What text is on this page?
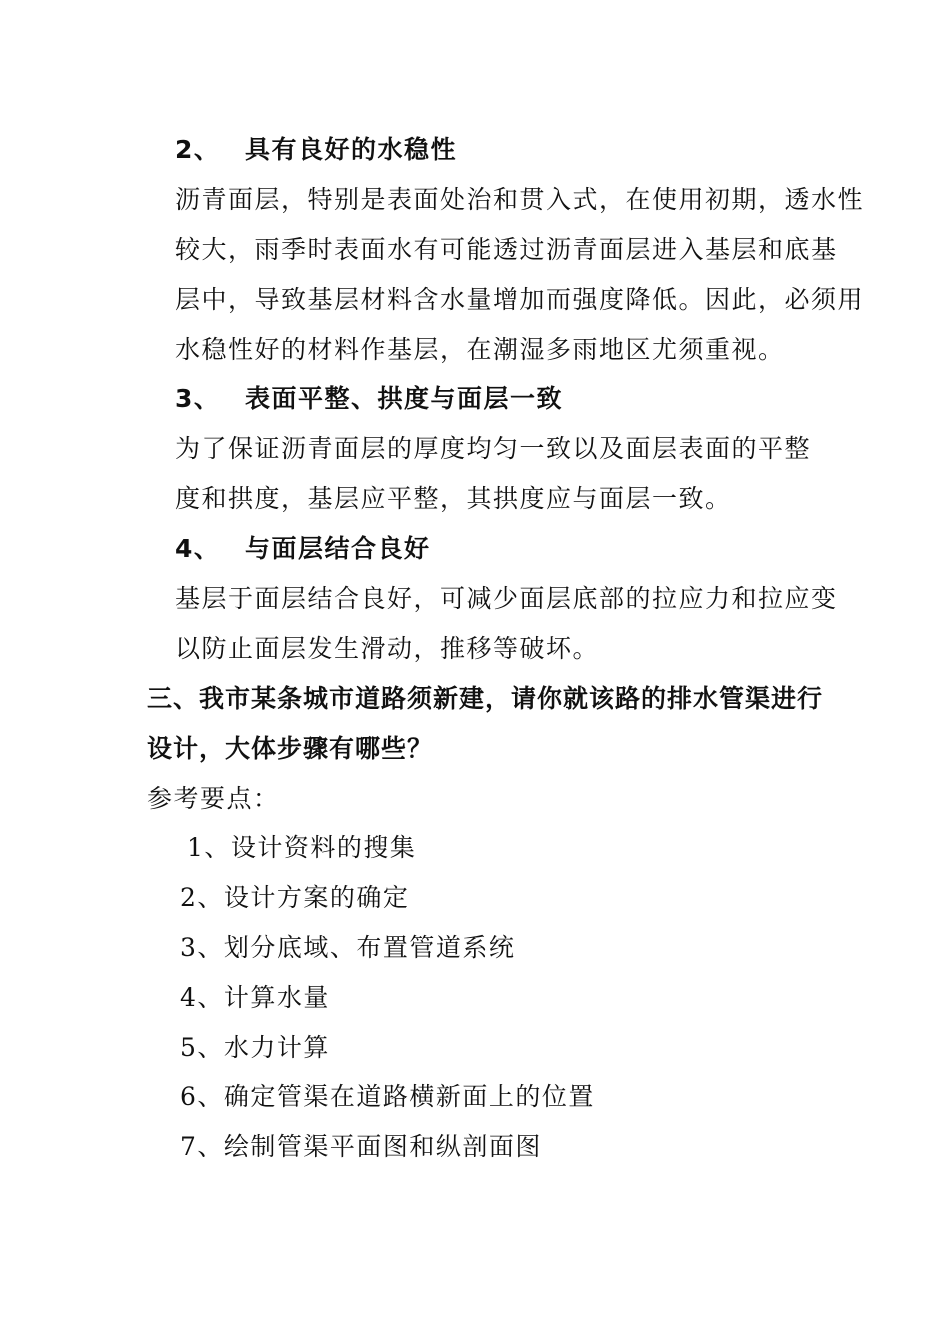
2、 具有良好的水稳性
沥青面层，特别是表面处治和贯入式，在使用初期，透水性
较大，雨季时表面水有可能透过沥青面层进入基层和底基
层中，导致基层材料含水量增加而强度降低。因此，必须用
水稳性好的材料作基层，在潮湿多雨地区尤须重视。
3、 表面平整、拱度与面层一致
为了保证沥青面层的厚度均匀一致以及面层表面的平整
度和拱度，基层应平整，其拱度应与面层一致。
4、 与面层结合良好
基层于面层结合良好，可减少面层底部的拉应力和拉应变
以防止面层发生滑动，推移等破坏。
三、我市某条城市道路须新建，请你就该路的排水管渠进行
设计，大体步骤有哪些？
参考要点：
1、设计资料的搜集
2、设计方案的确定
3、划分底域、布置管道系统
4、计算水量
5、水力计算
6、确定管渠在道路横新面上的位置
7、绘制管渠平面图和纵剖面图
